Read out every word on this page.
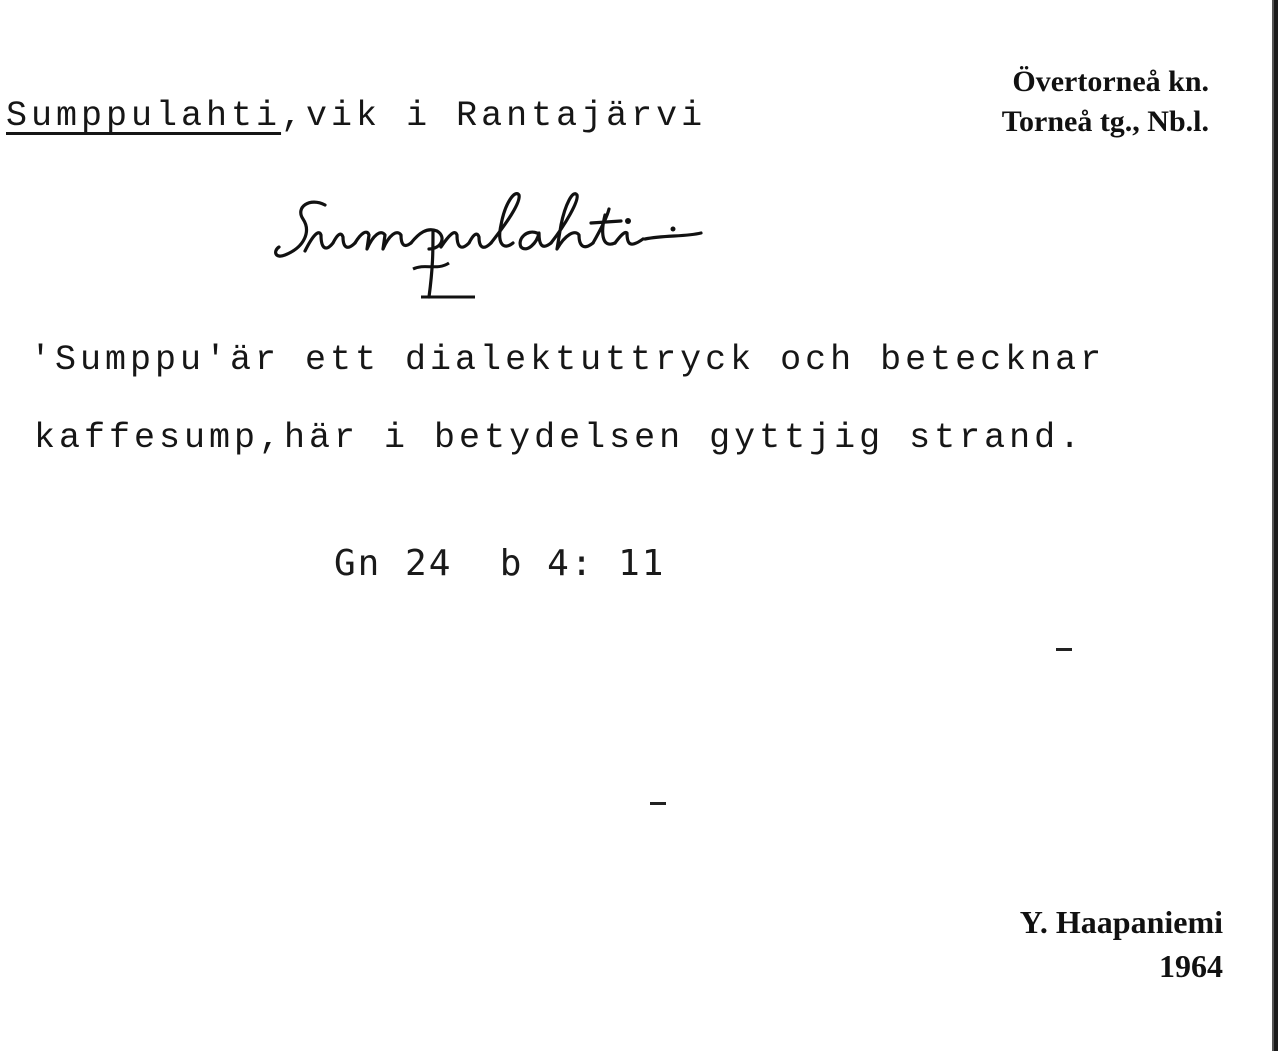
Sumppulahti,vik i Rantajärvi
Övertorneå kn.
Torneå tg., Nb.l.
'Sumppu'är ett dialektuttryck och betecknar
kaffesump,här i betydelsen gyttjig strand.
Gn 24  b 4: 11
Y. Haapaniemi
1964
